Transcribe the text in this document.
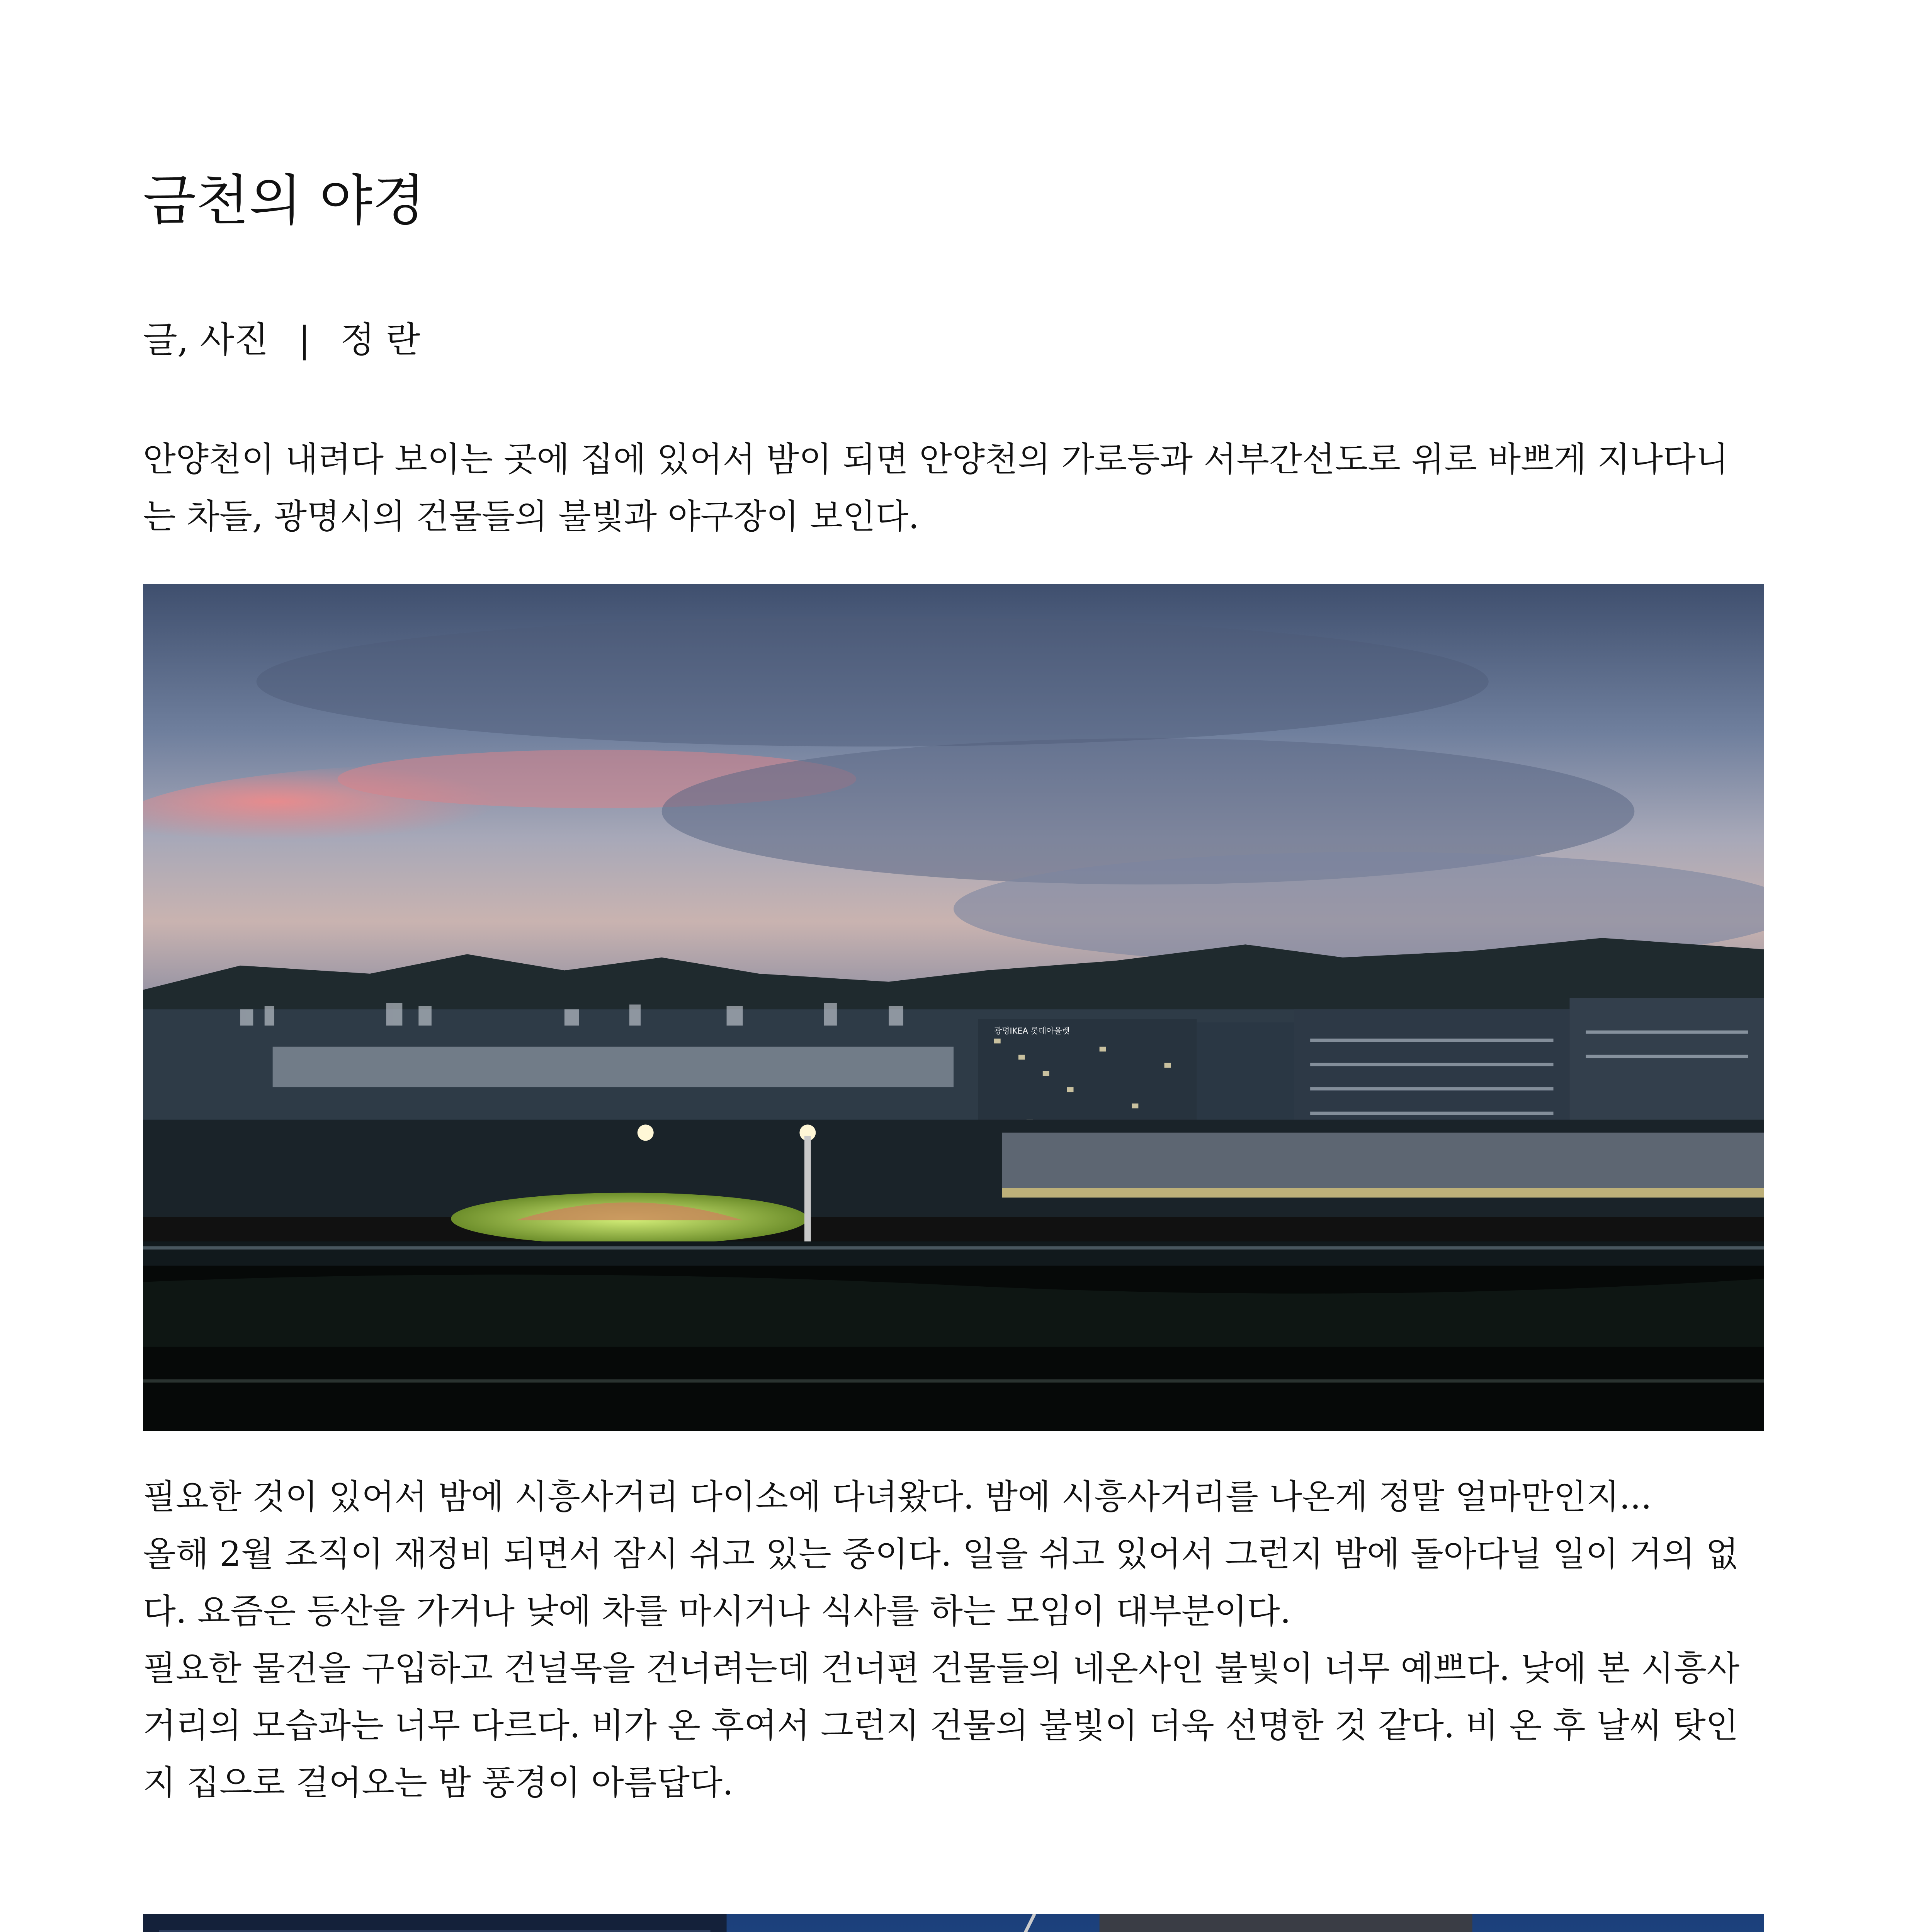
금천의 야경
글, 사진 | 정 란
안양천이 내려다 보이는 곳에 집에 있어서 밤이 되면 안양천의 가로등과 서부간선도로 위로 바쁘게 지나다니
는 차들, 광명시의 건물들의 불빛과 야구장이 보인다.
광명IKEA 롯데아울렛
필요한 것이 있어서 밤에 시흥사거리 다이소에 다녀왔다. 밤에 시흥사거리를 나온게 정말 얼마만인지...
올해 2월 조직이 재정비 되면서 잠시 쉬고 있는 중이다. 일을 쉬고 있어서 그런지 밤에 돌아다닐 일이 거의 없
다. 요즘은 등산을 가거나 낮에 차를 마시거나 식사를 하는 모임이 대부분이다.
필요한 물건을 구입하고 건널목을 건너려는데 건너편 건물들의 네온사인 불빛이 너무 예쁘다. 낮에 본 시흥사
거리의 모습과는 너무 다르다. 비가 온 후여서 그런지 건물의 불빛이 더욱 선명한 것 같다. 비 온 후 날씨 탓인
지 집으로 걸어오는 밤 풍경이 아름답다.
